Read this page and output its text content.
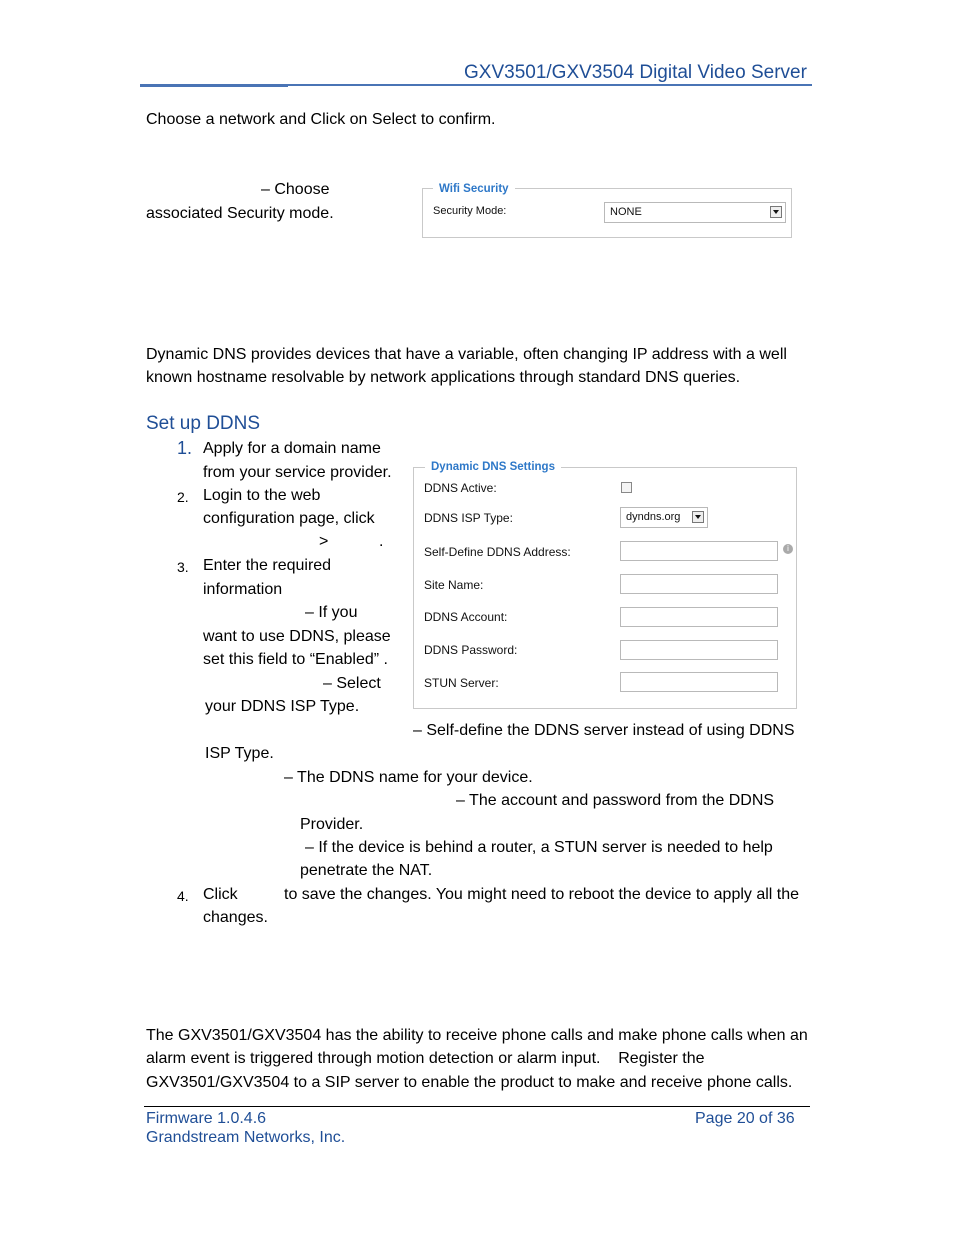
GXV3501/GXV3504 Digital Video Server
Choose a network and Click on Select to confirm.
– Choose
associated Security mode.
Wifi Security
Security Mode:	NONE
Dynamic DNS provides devices that have a variable, often changing IP address with a well
known hostname resolvable by network applications through standard DNS queries.
Set up DDNS
1. Apply for a domain name
from your service provider.
2. Login to the web
configuration page, click
>	.
3. Enter the required
information
– If you
want to use DDNS, please
set this field to “Enabled” .
– Select
your DDNS ISP Type.
– Self-define the DDNS server instead of using DDNS
ISP Type.
– The DDNS name for your device.
– The account and password from the DDNS
Provider.
– If the device is behind a router, a STUN server is needed to help
penetrate the NAT.
4. Click	to save the changes. You might need to reboot the device to apply all the
changes.
Dynamic DNS Settings
DDNS Active:
DDNS ISP Type:	dyndns.org
Self-Define DDNS Address:	i
Site Name:
DDNS Account:
DDNS Password:
STUN Server:
The GXV3501/GXV3504 has the ability to receive phone calls and make phone calls when an
alarm event is triggered through motion detection or alarm input.    Register the
GXV3501/GXV3504 to a SIP server to enable the product to make and receive phone calls.
Firmware 1.0.4.6
Grandstream Networks, Inc.
Page 20 of 36
